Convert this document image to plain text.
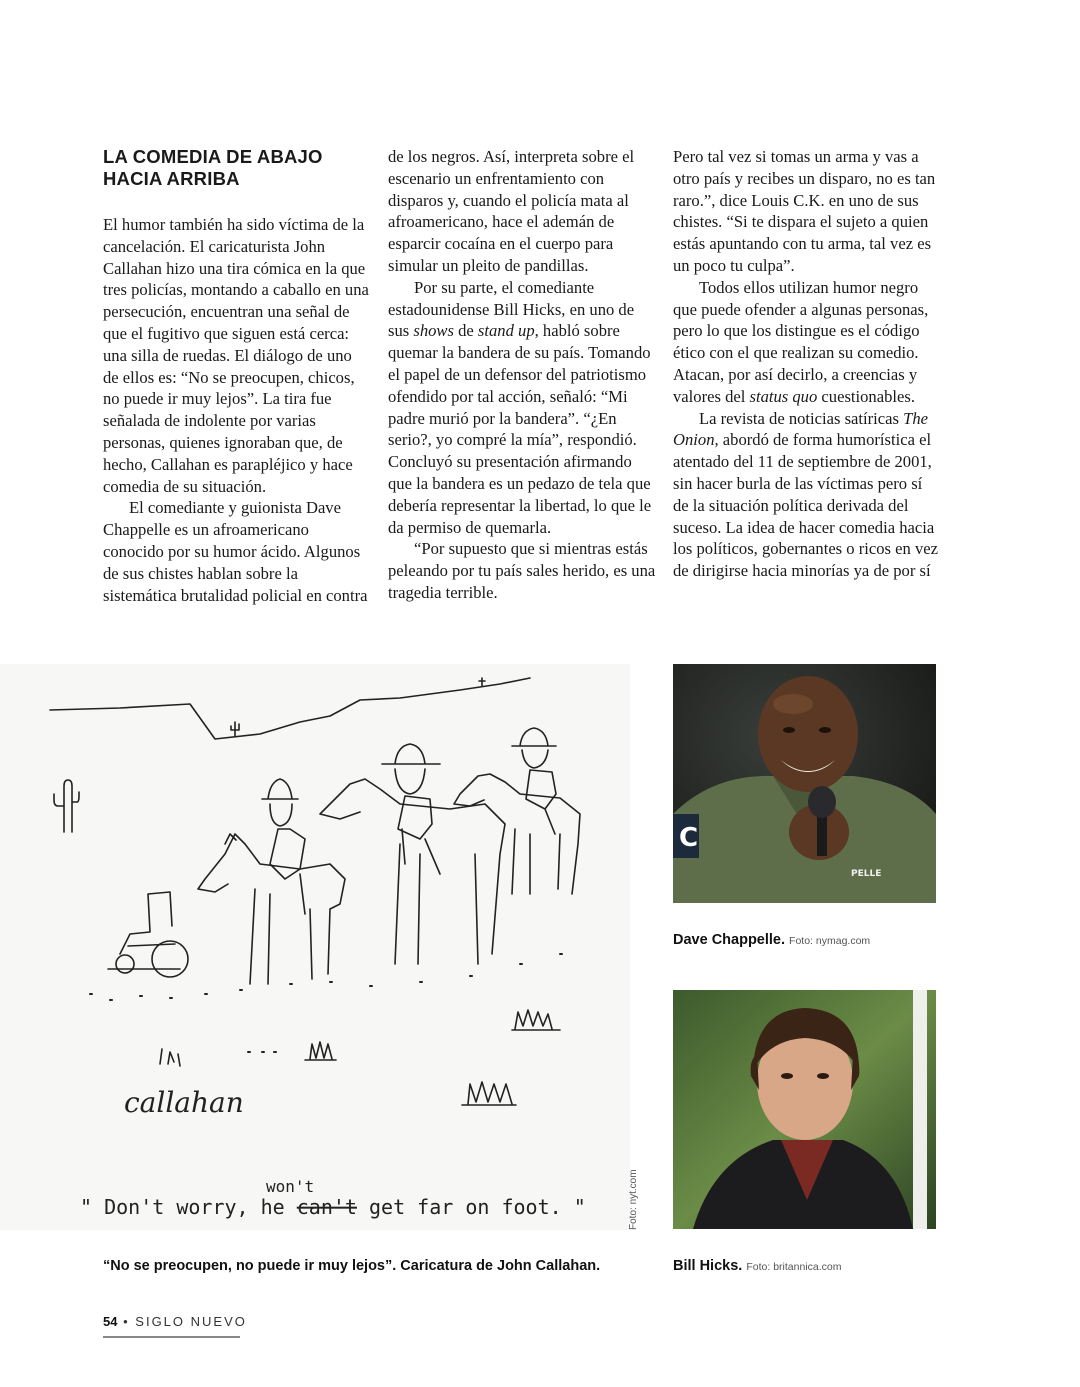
LA COMEDIA DE ABAJO
HACIA ARRIBA

El humor también ha sido víctima de la cancelación. El caricaturista John Callahan hizo una tira cómica en la que tres policías, montando a caballo en una persecución, encuentran una señal de que el fugitivo que siguen está cerca: una silla de ruedas. El diálogo de uno de ellos es: “No se preocupen, chicos, no puede ir muy lejos”. La tira fue señalada de indolente por varias personas, quienes ignoraban que, de hecho, Callahan es parapléjico y hace comedia de su situación.

El comediante y guionista Dave Chappelle es un afroamericano conocido por su humor ácido. Algunos de sus chistes hablan sobre la sistemática brutalidad policial en contra

de los negros. Así, interpreta sobre el escenario un enfrentamiento con disparos y, cuando el policía mata al afroamericano, hace el ademán de esparcir cocaína en el cuerpo para simular un pleito de pandillas.

Por su parte, el comediante estadounidense Bill Hicks, en uno de sus shows de stand up, habló sobre quemar la bandera de su país. Tomando el papel de un defensor del patriotismo ofendido por tal acción, señaló: “Mi padre murió por la bandera”. “¿En serio?, yo compré la mía”, respondió. Concluyó su presentación afirmando que la bandera es un pedazo de tela que debería representar la libertad, lo que le da permiso de quemarla.

“Por supuesto que si mientras estás peleando por tu país sales herido, es una tragedia terrible.

Pero tal vez si tomas un arma y vas a otro país y recibes un disparo, no es tan raro.”, dice Louis C.K. en uno de sus chistes. “Si te dispara el sujeto a quien estás apuntando con tu arma, tal vez es un poco tu culpa”.

Todos ellos utilizan humor negro que puede ofender a algunas personas, pero lo que los distingue es el código ético con el que realizan su comedio. Atacan, por así decirlo, a creencias y valores del status quo cuestionables.

La revista de noticias satíricas The Onion, abordó de forma humorística el atentado del 11 de septiembre de 2001, sin hacer burla de las víctimas pero sí de la situación política derivada del suceso. La idea de hacer comedia hacia los políticos, gobernantes o ricos en vez de dirigirse hacia minorías ya de por sí

callahan
" Don't worry, he can't get far on foot. "
won't	Foto: nyt.com
C
PELLE
Dave Chappelle. Foto: nymag.com
Bill Hicks. Foto: britannica.com
“No se preocupen, no puede ir muy lejos”. Caricatura de John Callahan.
54 • SIGLO NUEVO
